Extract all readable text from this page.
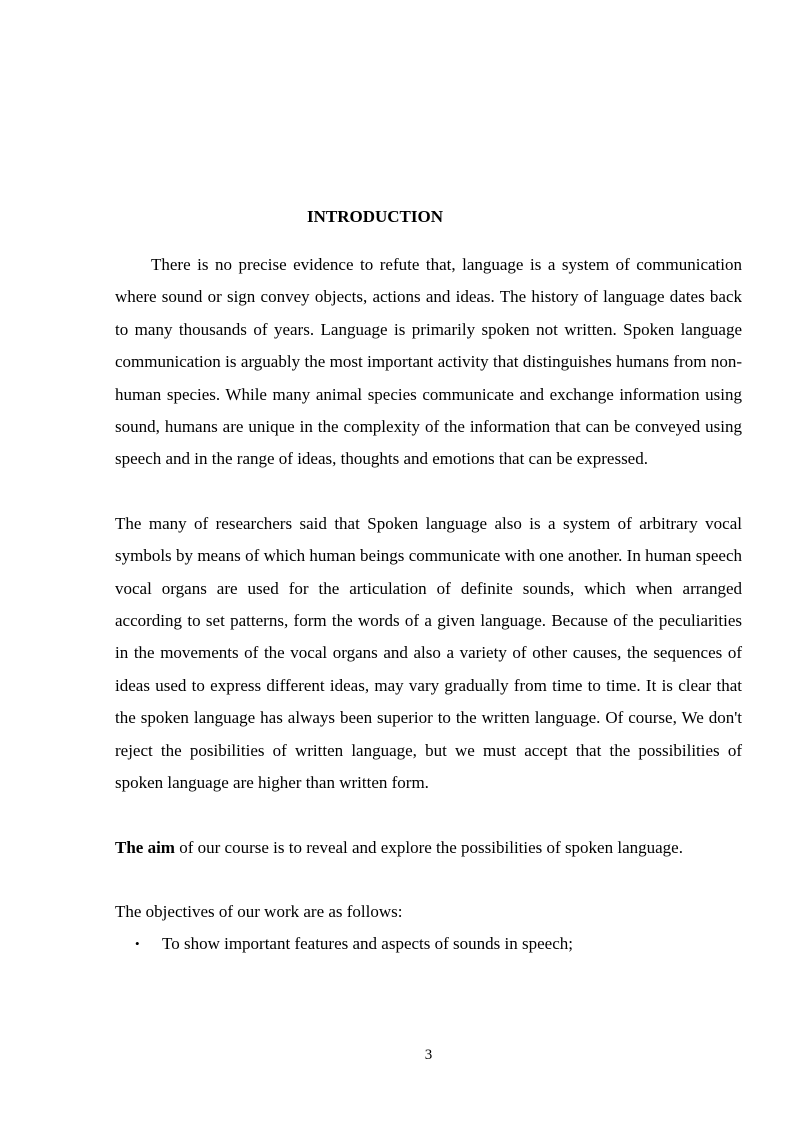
INTRODUCTION

There is no precise evidence to refute that, language is a system of communication where sound or sign convey objects, actions and ideas. The history of language dates back to many thousands of years. Language is primarily spoken not written. Spoken language communication is arguably the most important activity that distinguishes humans from non-human species. While many animal species communicate and exchange information using sound, humans are unique in the complexity of the information that can be conveyed using speech and in the range of ideas, thoughts and emotions that can be expressed.

The many of researchers said that Spoken language also is a system of arbitrary vocal symbols by means of which human beings communicate with one another. In human speech vocal organs are used for the articulation of definite sounds, which when arranged according to set patterns, form the words of a given language. Because of the peculiarities in the movements of the vocal organs and also a variety of other causes, the sequences of ideas used to express different ideas, may vary gradually from time to time. It is clear that the spoken language has always been superior to the written language. Of course, We don't reject the posibilities of written language, but we must accept that the possibilities of spoken language are higher than written form.

The aim of our course is to reveal and explore the possibilities of spoken language.

The objectives of our work are as follows:

• To show important features and aspects of sounds in speech;
3
